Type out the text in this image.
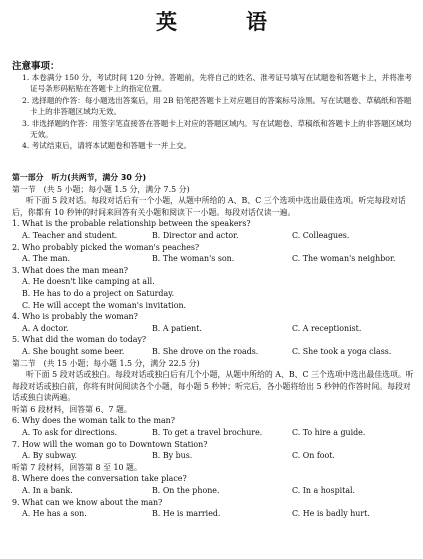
英　语
注意事项：
1. 本卷满分 150 分，考试时间 120 分钟。答题前，先将自己的姓名、准考证号填写在试题卷和答题卡上，并将准考证号条形码粘贴在答题卡上的指定位置。
2. 选择题的作答：每小题选出答案后，用 2B 铅笔把答题卡上对应题目的答案标号涂黑。写在试题卷、草稿纸和答题卡上的非答题区域均无效。
3. 非选择题的作答：用签字笔直接答在答题卡上对应的答题区域内。写在试题卷、草稿纸和答题卡上的非答题区域均无效。
4. 考试结束后，请将本试题卷和答题卡一并上交。
第一部分　听力(共两节，满分 30 分)
第一节　(共 5 小题；每小题 1.5 分，满分 7.5 分)
听下面 5 段对话。每段对话后有一个小题，从题中所给的 A、B、C 三个选项中选出最佳选项。听完每段对话后，你都有 10 秒钟的时间来回答有关小题和阅读下一小题。每段对话仅读一遍。
1. What is the probable relationship between the speakers?
A. Teacher and student.	B. Director and actor.	C. Colleagues.
2. Who probably picked the woman's peaches?
A. The man.	B. The woman's son.	C. The woman's neighbor.
3. What does the man mean?
A. He doesn't like camping at all.
B. He has to do a project on Saturday.
C. He will accept the woman's invitation.
4. Who is probably the woman?
A. A doctor.	B. A patient.	C. A receptionist.
5. What did the woman do today?
A. She bought some beer.	B. She drove on the roads.	C. She took a yoga class.
第二节　(共 15 小题；每小题 1.5 分，满分 22.5 分)
听下面 5 段对话或独白。每段对话或独白后有几个小题，从题中所给的 A、B、C 三个选项中选出最佳选项。听每段对话或独白前，你将有时间阅读各个小题，每小题 5 秒钟；听完后，各小题将给出 5 秒钟的作答时间。每段对话或独白读两遍。
听第 6 段材料，回答第 6、7 题。
6. Why does the woman talk to the man?
A. To ask for directions.	B. To get a travel brochure.	C. To hire a guide.
7. How will the woman go to Downtown Station?
A. By subway.	B. By bus.	C. On foot.
听第 7 段材料，回答第 8 至 10 题。
8. Where does the conversation take place?
A. In a bank.	B. On the phone.	C. In a hospital.
9. What can we know about the man?
A. He has a son.	B. He is married.	C. He is badly hurt.
